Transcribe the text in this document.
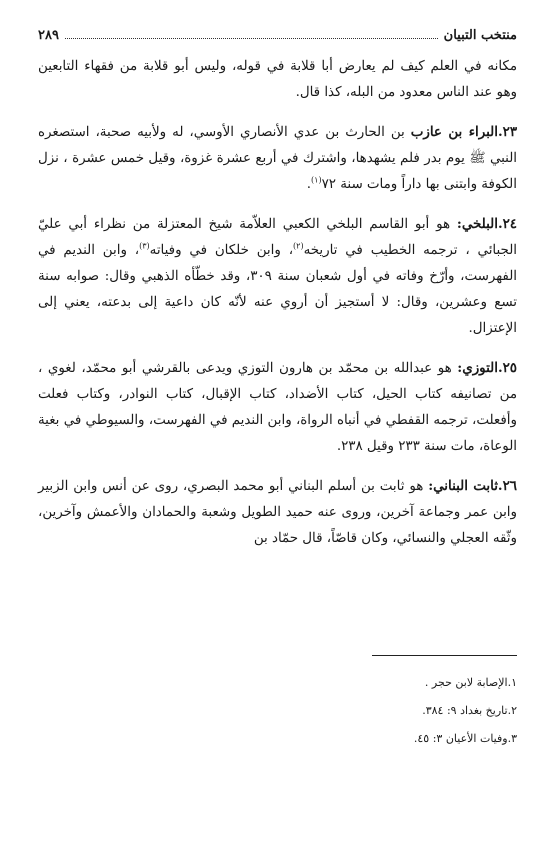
منتخب التبيان
٢٨٩

مكانه في العلم كيف لم يعارض أبا قلابة في قوله، وليس أبو قلابة من فقهاء التابعين وهو عند الناس معدود من البله، كذا قال.

٢٣.البراء بن عازب بن الحارث بن عدي الأنصاري الأوسي، له ولأبيه صحبة، استصغره النبي ﷺ يوم بدر فلم يشهدها، واشترك في أربع عشرة غزوة، وقيل خمس عشرة ، نزل الكوفة وابتنى بها داراً ومات سنة ٧٢$^{(١)}$.

٢٤.البلخي: هو أبو القاسم البلخي الكعبي العلاّمة شيخ المعتزلة من نظراء أبي عليّ الجبائي ، ترجمه الخطيب في تاريخه$^{(٢)}$، وابن خلكان في وفياته$^{(٣)}$، وابن النديم في الفهرست، وأرّخ وفاته في أول شعبان سنة ٣٠٩، وقد خطّأه الذهبي وقال: صوابه سنة تسع وعشرين، وقال: لا أستجيز أن أروي عنه لأنّه كان داعية إلى بدعته، يعني إلى الإعتزال.

٢٥.التوزي: هو عبدالله بن محمّد بن هارون التوزي ويدعى بالقرشي أبو محمّد، لغوي ، من تصانيفه كتاب الحيل، كتاب الأضداد، كتاب الإقبال، كتاب النوادر، وكتاب فعلت وأفعلت، ترجمه القفطي في أنباه الرواة، وابن النديم في الفهرست، والسيوطي في بغية الوعاة، مات سنة ٢٣٣ وقيل ٢٣٨.

٢٦.ثابت البناني: هو ثابت بن أسلم البناني أبو محمد البصري، روى عن أنس وابن الزبير وابن عمر وجماعة آخرين، وروى عنه حميد الطويل وشعبة والحمادان والأعمش وآخرين، وثّقه العجلي والنسائي، وكان قاصّاً، قال حمّاد بن

١.الإصابة لابن حجر .

٢.تاريخ بغداد ٩: ٣٨٤.

٣.وفيات الأعيان ٣: ٤٥.
